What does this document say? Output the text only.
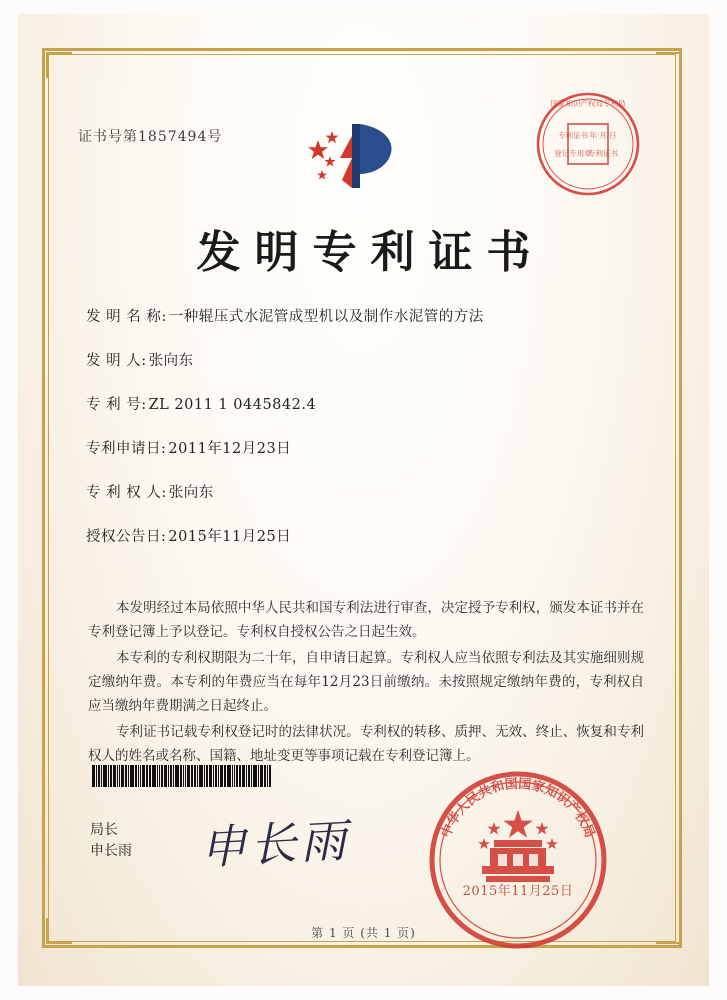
证书号第1857494号
国家知识产权局专利局
专利证书 年 月 日
登记专用章
专利证书
发明专利证书
发 明 名 称: 一种辊压式水泥管成型机以及制作水泥管的方法
发 明 人: 张向东
专 利 号: ZL 2011 1 0445842.4
专利申请日: 2011年12月23日
专 利 权 人: 张向东
授权公告日: 2015年11月25日

本发明经过本局依照中华人民共和国专利法进行审查，决定授予专利权，颁发本证书并在专利登记簿上予以登记。专利权自授权公告之日起生效。

本专利的专利权期限为二十年，自申请日起算。专利权人应当依照专利法及其实施细则规定缴纳年费。本专利的年费应当在每年12月23日前缴纳。未按照规定缴纳年费的，专利权自应当缴纳年费期满之日起终止。

专利证书记载专利权登记时的法律状况。专利权的转移、质押、无效、终止、恢复和专利权人的姓名或名称、国籍、地址变更等事项记载在专利登记簿上。

局长
申长雨 申长雨	中华人民共和国国家知识产权局
2015年11月25日
第 1 页 (共 1 页)
